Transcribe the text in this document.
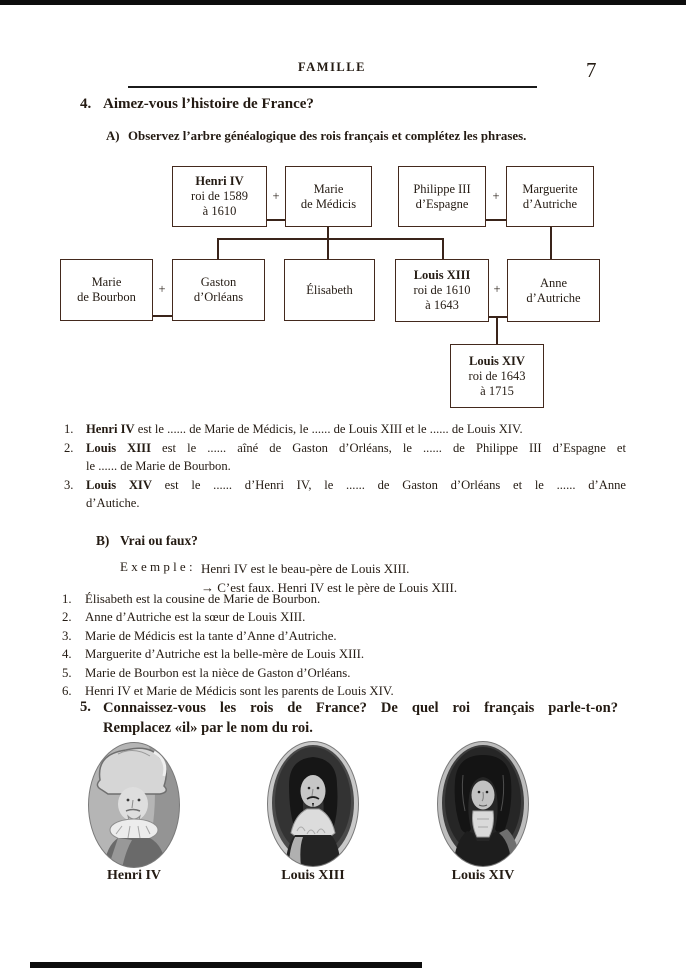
FAMILLE	7
4. Aimez-vous l’histoire de France?
A) Observez l’arbre généalogique des rois français et complétez les phrases.
Henri IV
roi de 1589
à 1610
+
Marie
de Médicis
Philippe III
d’Espagne
+
Marguerite
d’Autriche
Marie
de Bourbon
+	Gaston
d’Orléans
Élisabeth
Louis XIII
roi de 1610
à 1643
+	Anne
d’Autriche
Louis XIV
roi de 1643
à 1715
1. Henri IV est le ...... de Marie de Médicis, le ...... de Louis XIII et le ...... de Louis XIV.
2. Louis XIII est le ...... aîné de Gaston d’Orléans, le ...... de Philippe III d’Espagne et
le ...... de Marie de Bourbon.
3. Louis XIV est le ...... d’Henri IV, le ...... de Gaston d’Orléans et le ...... d’Anne
d’Autiche.
B) Vrai ou faux?
E x e m p l e : Henri IV est le beau-père de Louis XIII.
→ C’est faux. Henri IV est le père de Louis XIII.
1.	Élisabeth est la cousine de Marie de Bourbon.
2.	Anne d’Autriche est la sœur de Louis XIII.
3.	Marie de Médicis est la tante d’Anne d’Autriche.
4.	Marguerite d’Autriche est la belle-mère de Louis XIII.
5.	Marie de Bourbon est la nièce de Gaston d’Orléans.
6.	Henri IV et Marie de Médicis sont les parents de Louis XIV.
5. Connaissez-vous les rois de France? De quel roi français parle-t-on?
Remplacez «il» par le nom du roi.
Henri IV	Louis XIII	Louis XIV
